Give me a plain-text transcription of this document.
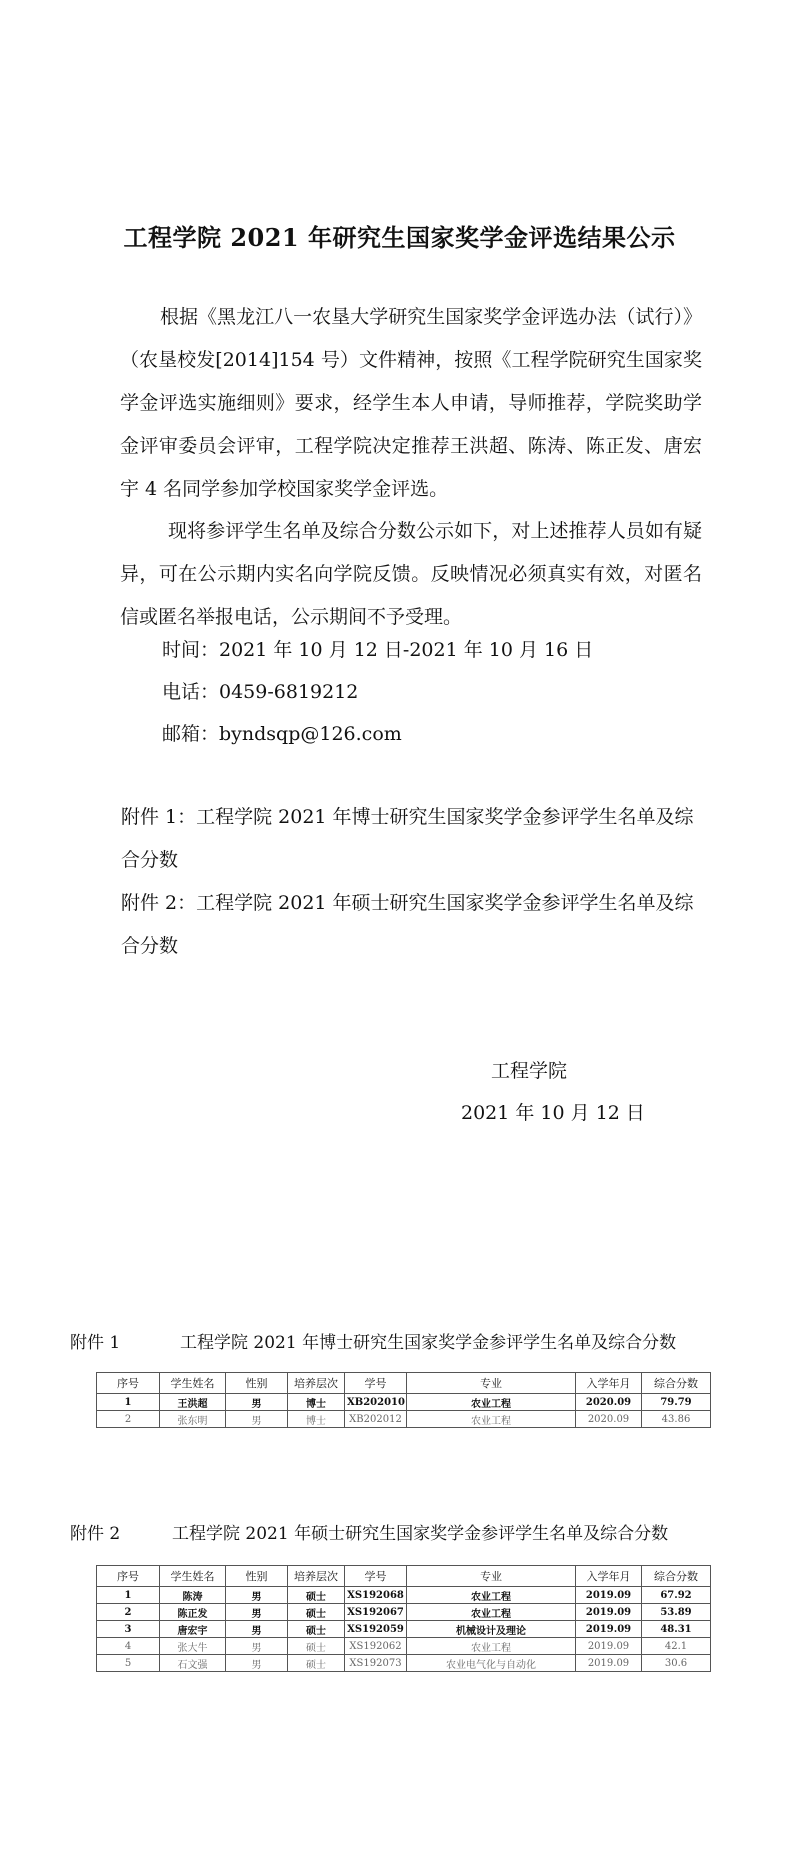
工程学院 2021 年研究生国家奖学金评选结果公示
根据《黑龙江八一农垦大学研究生国家奖学金评选办法（试行）》（农垦校发[2014]154 号）文件精神，按照《工程学院研究生国家奖学金评选实施细则》要求，经学生本人申请，导师推荐，学院奖助学金评审委员会评审，工程学院决定推荐王洪超、陈涛、陈正发、唐宏宇 4 名同学参加学校国家奖学金评选。
现将参评学生名单及综合分数公示如下，对上述推荐人员如有疑异，可在公示期内实名向学院反馈。反映情况必须真实有效，对匿名信或匿名举报电话，公示期间不予受理。
时间：2021 年 10 月 12 日-2021 年 10 月 16 日
电话：0459-6819212
邮箱：byndsqp@126.com
附件 1：工程学院 2021 年博士研究生国家奖学金参评学生名单及综合分数
附件 2：工程学院 2021 年硕士研究生国家奖学金参评学生名单及综合分数
工程学院
2021 年 10 月 12 日
附件 1	工程学院 2021 年博士研究生国家奖学金参评学生名单及综合分数
序号	学生姓名	性别	培养层次	学号	专业	入学年月	综合分数
1	王洪超	男	博士	XB202010	农业工程	2020.09	79.79
2	张东明	男	博士	XB202012	农业工程	2020.09	43.86
附件 2	工程学院 2021 年硕士研究生国家奖学金参评学生名单及综合分数
序号	学生姓名	性别	培养层次	学号	专业	入学年月	综合分数
1	陈涛	男	硕士	XS192068	农业工程	2019.09	67.92
2	陈正发	男	硕士	XS192067	农业工程	2019.09	53.89
3	唐宏宇	男	硕士	XS192059	机械设计及理论	2019.09	48.31
4	张大牛	男	硕士	XS192062	农业工程	2019.09	42.1
5	石文强	男	硕士	XS192073	农业电气化与自动化	2019.09	30.6
